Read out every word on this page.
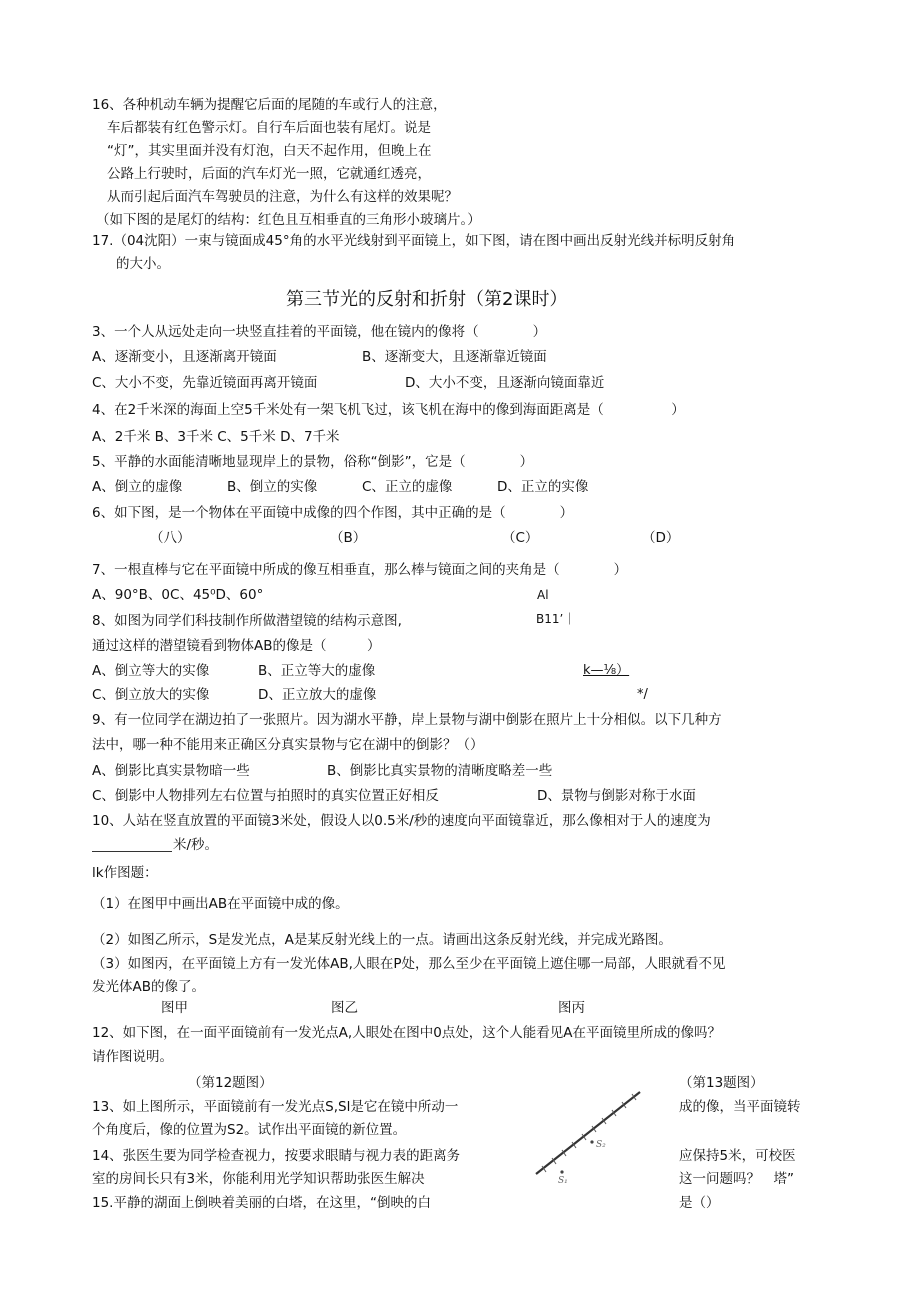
16、各种机动车辆为提醒它后面的尾随的车或行人的注意，
车后都装有红色警示灯。自行车后面也装有尾灯。说是
“灯”，其实里面并没有灯泡，白天不起作用，但晚上在
公路上行驶时，后面的汽车灯光一照，它就通红透亮，
从而引起后面汽车驾驶员的注意，为什么有这样的效果呢？
（如下图的是尾灯的结构：红色且互相垂直的三角形小玻璃片。）
17.（04沈阳）一束与镜面成45°角的水平光线射到平面镜上，如下图，请在图中画出反射光线并标明反射角
的大小。
第三节光的反射和折射（第2课时）
3、一个人从远处走向一块竖直挂着的平面镜，他在镜内的像将（　　　　）
A、逐渐变小，且逐渐离开镜面	B、逐渐变大，且逐渐靠近镜面
C、大小不变，先靠近镜面再离开镜面	D、大小不变，且逐渐向镜面靠近
4、在2千米深的海面上空5千米处有一架飞机飞过，该飞机在海中的像到海面距离是（　　　　　）
A、2千米 B、3千米 C、5千米 D、7千米
5、平静的水面能清晰地显现岸上的景物，俗称“倒影”，它是（　　　　）
A、倒立的虚像	B、倒立的实像	C、正立的虚像	D、正立的实像
6、如下图，是一个物体在平面镜中成像的四个作图，其中正确的是（　　　　）
（八）	（B）	（C）	（D）
7、一根直棒与它在平面镜中所成的像互相垂直，那么棒与镜面之间的夹角是（　　　　）
A、90°B、0C、45⁰D、60°	Al
8、如图为同学们科技制作所做潜望镜的结构示意图,	B11’｜
通过这样的潜望镜看到物体AB的像是（　　　）
A、倒立等大的实像	B、正立等大的虚像	k—⅛）
C、倒立放大的实像	D、正立放大的虚像	*/
9、有一位同学在湖边拍了一张照片。因为湖水平静，岸上景物与湖中倒影在照片上十分相似。以下几种方
法中，哪一种不能用来正确区分真实景物与它在湖中的倒影？（）
A、倒影比真实景物暗一些	B、倒影比真实景物的清晰度略差一些
C、倒影中人物排列左右位置与拍照时的真实位置正好相反	D、景物与倒影对称于水面
10、人站在竖直放置的平面镜3米处，假设人以0.5米/秒的速度向平面镜靠近，那么像相对于人的速度为
米/秒。
lk作图题：
（1）在图甲中画出AB在平面镜中成的像。
（2）如图乙所示，S是发光点，A是某反射光线上的一点。请画出这条反射光线，并完成光路图。
（3）如图丙，在平面镜上方有一发光体AB,人眼在P处，那么至少在平面镜上遮住哪一局部，人眼就看不见
发光体AB的像了。
图甲	图乙	图丙
12、如下图，在一面平面镜前有一发光点A,人眼处在图中0点处，这个人能看见A在平面镜里所成的像吗？
请作图说明。
（第12题图）	（第13题图）
13、如上图所示，平面镜前有一发光点S,Sl是它在镜中所动一
个角度后，像的位置为S2。试作出平面镜的新位置。
成的像，当平面镜转
S₂
S₁
14、张医生要为同学检查视力，按要求眼睛与视力表的距离务
室的房间长只有3米，你能利用光学知识帮助张医生解决
应保持5米，可校医
这一问题吗？　塔”
15.平静的湖面上倒映着美丽的白塔，在这里，“倒映的白	是（）
